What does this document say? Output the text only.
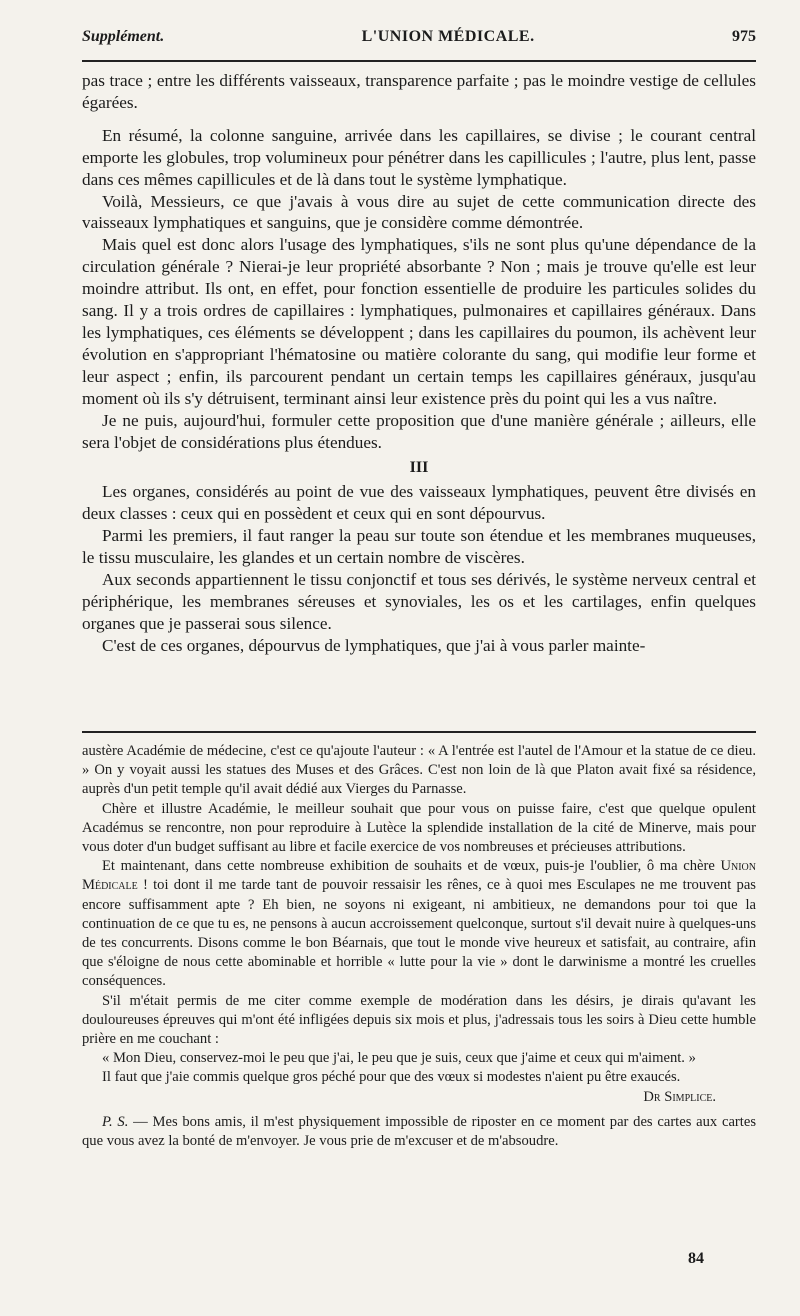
Supplément.	L'UNION MÉDICALE.	975

pas trace ; entre les différents vaisseaux, transparence parfaite ; pas le moindre vestige de cellules égarées.

En résumé, la colonne sanguine, arrivée dans les capillaires, se divise ; le courant central emporte les globules, trop volumineux pour pénétrer dans les capillicules ; l'autre, plus lent, passe dans ces mêmes capillicules et de là dans tout le système lymphatique.

Voilà, Messieurs, ce que j'avais à vous dire au sujet de cette communication directe des vaisseaux lymphatiques et sanguins, que je considère comme démontrée.

Mais quel est donc alors l'usage des lymphatiques, s'ils ne sont plus qu'une dépendance de la circulation générale ? Nierai-je leur propriété absorbante ? Non ; mais je trouve qu'elle est leur moindre attribut. Ils ont, en effet, pour fonction essentielle de produire les particules solides du sang. Il y a trois ordres de capillaires : lymphatiques, pulmonaires et capillaires généraux. Dans les lymphatiques, ces éléments se développent ; dans les capillaires du poumon, ils achèvent leur évolution en s'appropriant l'hématosine ou matière colorante du sang, qui modifie leur forme et leur aspect ; enfin, ils parcourent pendant un certain temps les capillaires généraux, jusqu'au moment où ils s'y détruisent, terminant ainsi leur existence près du point qui les a vus naître.

Je ne puis, aujourd'hui, formuler cette proposition que d'une manière générale ; ailleurs, elle sera l'objet de considérations plus étendues.

III

Les organes, considérés au point de vue des vaisseaux lymphatiques, peuvent être divisés en deux classes : ceux qui en possèdent et ceux qui en sont dépourvus.

Parmi les premiers, il faut ranger la peau sur toute son étendue et les membranes muqueuses, le tissu musculaire, les glandes et un certain nombre de viscères.

Aux seconds appartiennent le tissu conjonctif et tous ses dérivés, le système nerveux central et périphérique, les membranes séreuses et synoviales, les os et les cartilages, enfin quelques organes que je passerai sous silence.

C'est de ces organes, dépourvus de lymphatiques, que j'ai à vous parler mainte-

austère Académie de médecine, c'est ce qu'ajoute l'auteur : « A l'entrée est l'autel de l'Amour et la statue de ce dieu. » On y voyait aussi les statues des Muses et des Grâces. C'est non loin de là que Platon avait fixé sa résidence, auprès d'un petit temple qu'il avait dédié aux Vierges du Parnasse.

Chère et illustre Académie, le meilleur souhait que pour vous on puisse faire, c'est que quelque opulent Académus se rencontre, non pour reproduire à Lutèce la splendide installation de la cité de Minerve, mais pour vous doter d'un budget suffisant au libre et facile exercice de vos nombreuses et précieuses attributions.

Et maintenant, dans cette nombreuse exhibition de souhaits et de vœux, puis-je l'oublier, ô ma chère Union Médicale ! toi dont il me tarde tant de pouvoir ressaisir les rênes, ce à quoi mes Esculapes ne me trouvent pas encore suffisamment apte ? Eh bien, ne soyons ni exigeant, ni ambitieux, ne demandons pour toi que la continuation de ce que tu es, ne pensons à aucun accroissement quelconque, surtout s'il devait nuire à quelques-uns de tes concurrents. Disons comme le bon Béarnais, que tout le monde vive heureux et satisfait, au contraire, afin que s'éloigne de nous cette abominable et horrible « lutte pour la vie » dont le darwinisme a montré les cruelles conséquences.

S'il m'était permis de me citer comme exemple de modération dans les désirs, je dirais qu'avant les douloureuses épreuves qui m'ont été infligées depuis six mois et plus, j'adressais tous les soirs à Dieu cette humble prière en me couchant :

« Mon Dieu, conservez-moi le peu que j'ai, le peu que je suis, ceux que j'aime et ceux qui m'aiment. »

Il faut que j'aie commis quelque gros péché pour que des vœux si modestes n'aient pu être exaucés.

Dr Simplice.

P. S. — Mes bons amis, il m'est physiquement impossible de riposter en ce moment par des cartes aux cartes que vous avez la bonté de m'envoyer. Je vous prie de m'excuser et de m'absoudre.

84
